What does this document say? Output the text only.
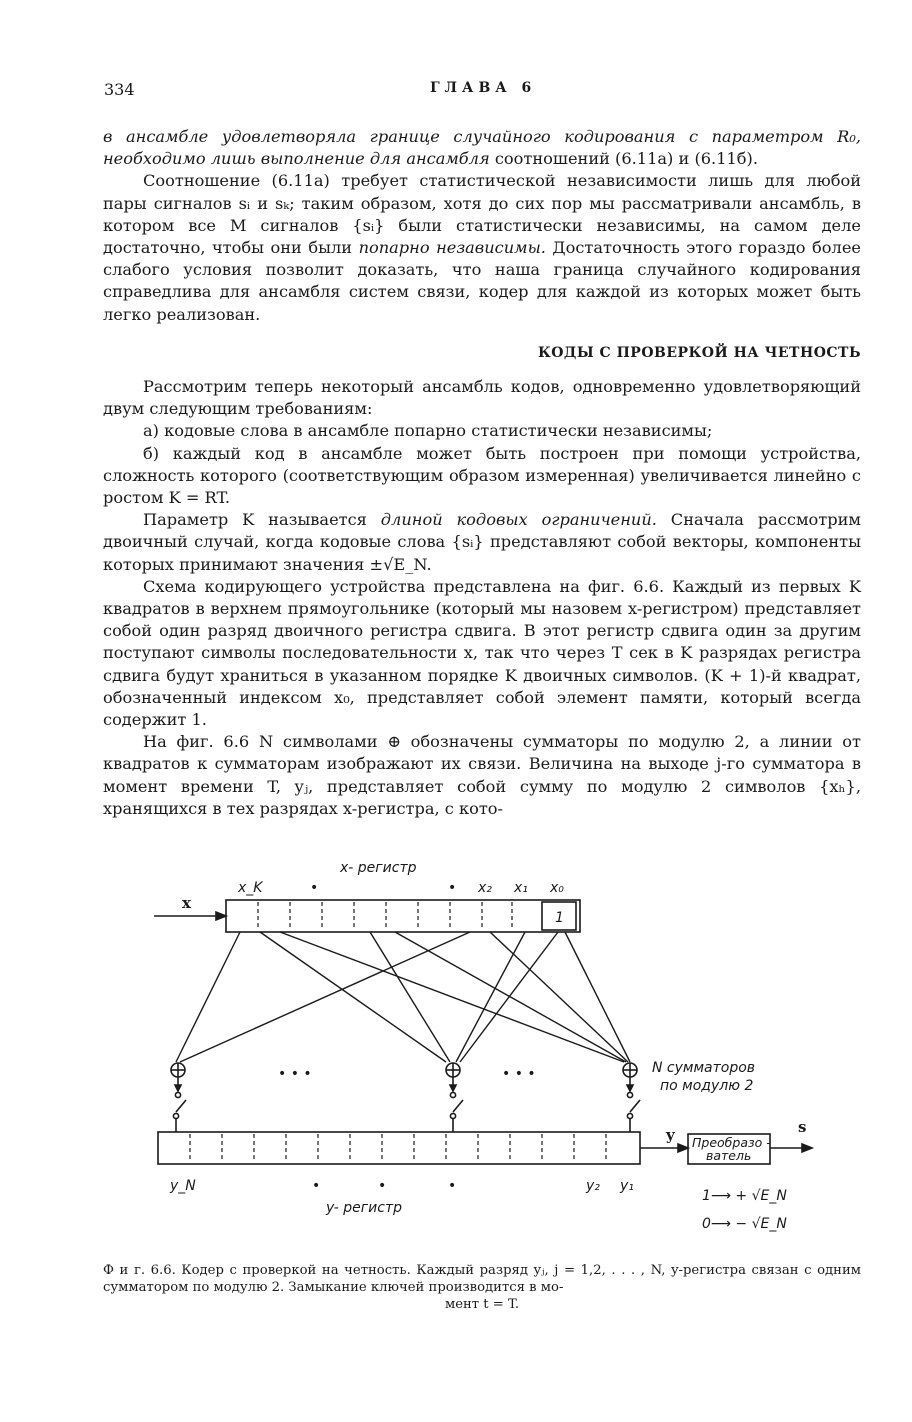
334	ГЛАВА 6

в ансамбле удовлетворяла границе случайного кодирования с параметром R₀, необходимо лишь выполнение для ансамбля соотношений (6.11а) и (6.11б).

Соотношение (6.11а) требует статистической независимости лишь для любой пары сигналов sᵢ и sₖ; таким образом, хотя до сих пор мы рассматривали ансамбль, в котором все M сигналов {sᵢ} были статистически независимы, на самом деле достаточно, чтобы они были попарно независимы. Достаточность этого гораздо более слабого условия позволит доказать, что наша граница случайного кодирования справедлива для ансамбля систем связи, кодер для каждой из которых может быть легко реализован.

КОДЫ С ПРОВЕРКОЙ НА ЧЕТНОСТЬ

Рассмотрим теперь некоторый ансамбль кодов, одновременно удовлетворяющий двум следующим требованиям:

а) кодовые слова в ансамбле попарно статистически независимы;

б) каждый код в ансамбле может быть построен при помощи устройства, сложность которого (соответствующим образом измеренная) увеличивается линейно с ростом K = RT.

Параметр K называется длиной кодовых ограничений. Сначала рассмотрим двоичный случай, когда кодовые слова {sᵢ} представляют собой векторы, компоненты которых принимают значения ±√E_N.

Схема кодирующего устройства представлена на фиг. 6.6. Каждый из первых K квадратов в верхнем прямоугольнике (который мы назовем x-регистром) представляет собой один разряд двоичного регистра сдвига. В этот регистр сдвига один за другим поступают символы последовательности x, так что через T сек в K разрядах регистра сдвига будут храниться в указанном порядке K двоичных символов. (K + 1)-й квадрат, обозначенный индексом x₀, представляет собой элемент памяти, который всегда содержит 1.

На фиг. 6.6 N символами ⊕ обозначены сумматоры по модулю 2, а линии от квадратов к сумматорам изображают их связи. Величина на выходе j-го сумматора в момент времени T, yⱼ, представляет собой сумму по модулю 2 символов {xₕ}, хранящихся в тех разрядах x-регистра, с кото-

x- регистр
x_K	•	• x₂ x₁ x₀
x
1
• • •	• • •	N сумматоров
по модулю 2
y Преобразо -
ватель
s
y_N	•	•	•	y₂ y₁
y- регистр
1⟶ + √E_N
0⟶ − √E_N
Ф и г. 6.6. Кодер с проверкой на четность. Каждый разряд yⱼ, j = 1,2, . . . , N, y-регистра связан с одним сумматором по модулю 2. Замыкание ключей производится в мо-
мент t = T.
